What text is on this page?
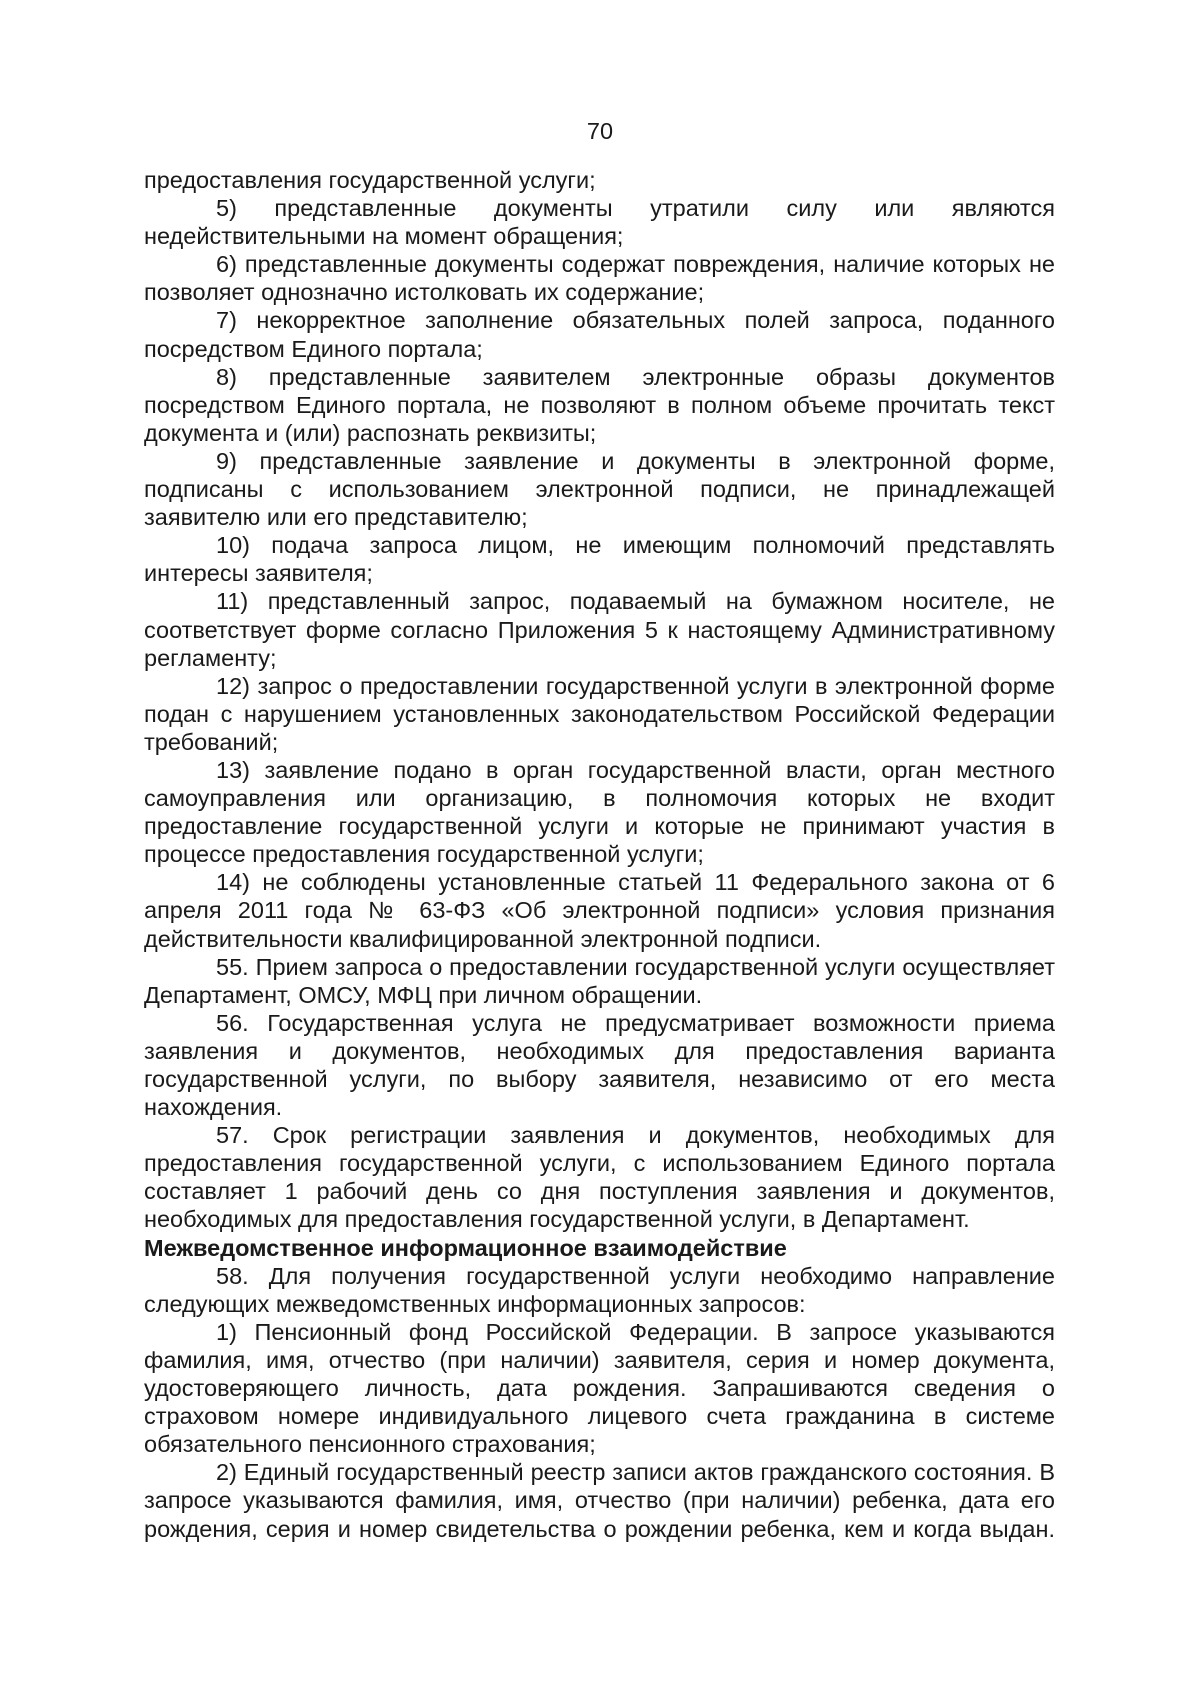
70

предоставления государственной услуги;

5) представленные документы утратили силу или являются недействительными на момент обращения;

6) представленные документы содержат повреждения, наличие которых не позволяет однозначно истолковать их содержание;

7) некорректное заполнение обязательных полей запроса, поданного посредством Единого портала;

8) представленные заявителем электронные образы документов посредством Единого портала, не позволяют в полном объеме прочитать текст документа и (или) распознать реквизиты;

9) представленные заявление и документы в электронной форме, подписаны с использованием электронной подписи, не принадлежащей заявителю или его представителю;

10) подача запроса лицом, не имеющим полномочий представлять интересы заявителя;

11) представленный запрос, подаваемый на бумажном носителе, не соответствует форме согласно Приложения 5 к настоящему Административному регламенту;

12) запрос о предоставлении государственной услуги в электронной форме подан с нарушением установленных законодательством Российской Федерации требований;

13) заявление подано в орган государственной власти, орган местного самоуправления или организацию, в полномочия которых не входит предоставление государственной услуги и которые не принимают участия в процессе предоставления государственной услуги;

14) не соблюдены установленные статьей 11 Федерального закона от 6 апреля 2011 года № 63-ФЗ «Об электронной подписи» условия признания действительности квалифицированной электронной подписи.

55. Прием запроса о предоставлении государственной услуги осуществляет Департамент, ОМСУ, МФЦ при личном обращении.

56. Государственная услуга не предусматривает возможности приема заявления и документов, необходимых для предоставления варианта государственной услуги, по выбору заявителя, независимо от его места нахождения.

57. Срок регистрации заявления и документов, необходимых для предоставления государственной услуги, с использованием Единого портала составляет 1 рабочий день со дня поступления заявления и документов, необходимых для предоставления государственной услуги, в Департамент.

Межведомственное информационное взаимодействие

58. Для получения государственной услуги необходимо направление следующих межведомственных информационных запросов:

1) Пенсионный фонд Российской Федерации. В запросе указываются фамилия, имя, отчество (при наличии) заявителя, серия и номер документа, удостоверяющего личность, дата рождения. Запрашиваются сведения о страховом номере индивидуального лицевого счета гражданина в системе обязательного пенсионного страхования;

2) Единый государственный реестр записи актов гражданского состояния. В запросе указываются фамилия, имя, отчество (при наличии) ребенка, дата его рождения, серия и номер свидетельства о рождении ребенка, кем и когда выдан.
